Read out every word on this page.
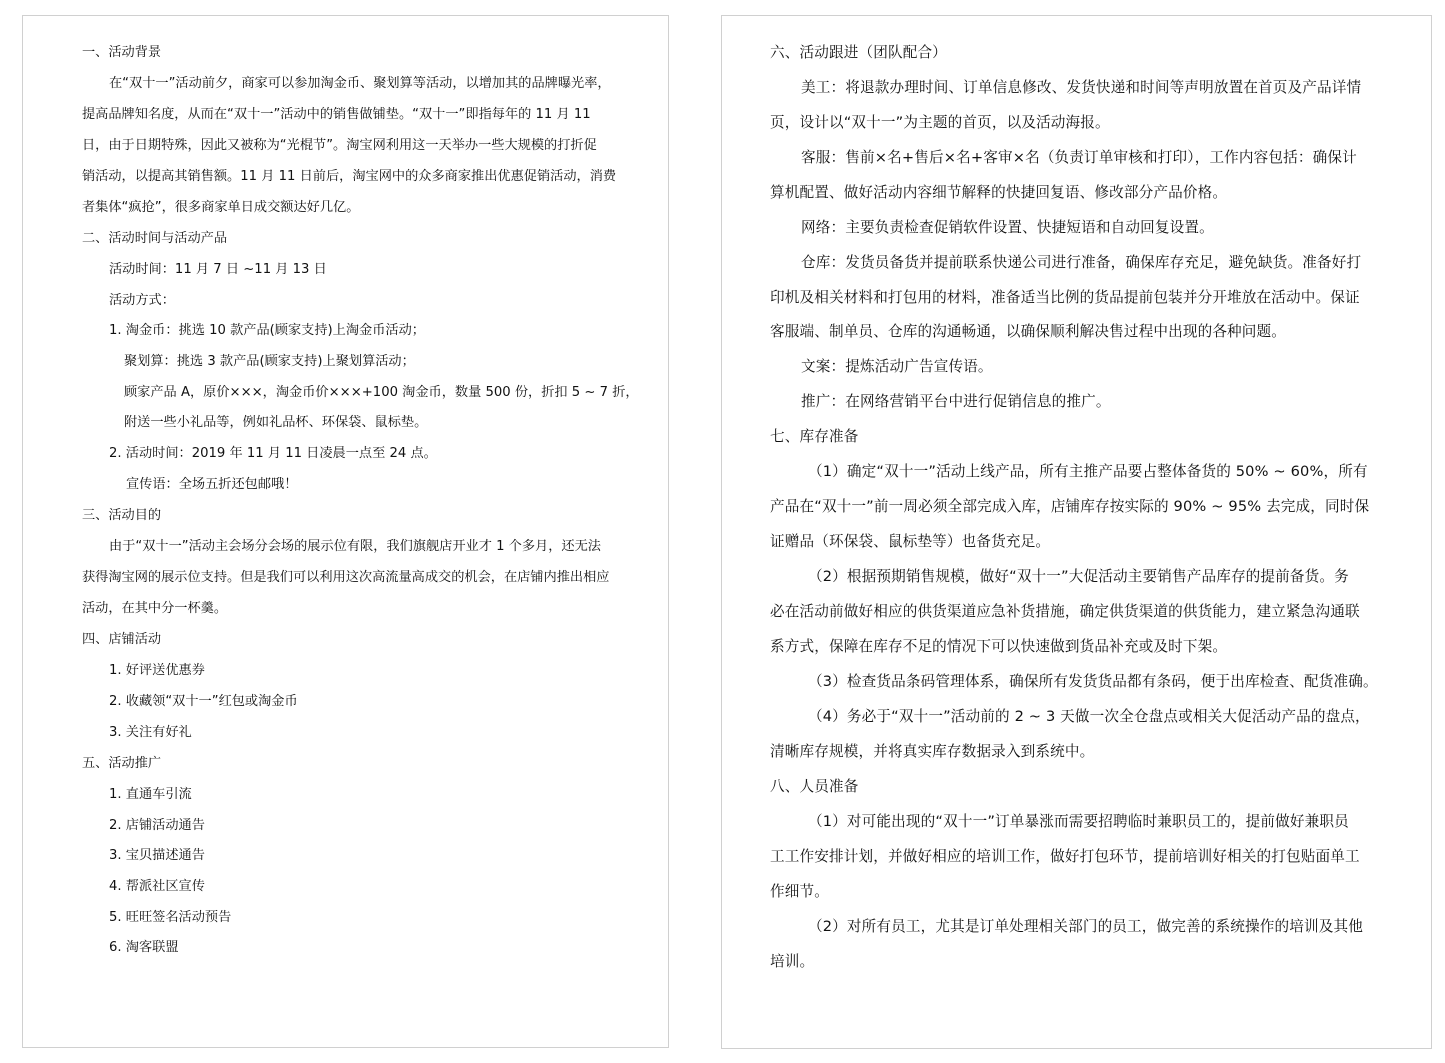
一、活动背景

在“双十一”活动前夕，商家可以参加淘金币、聚划算等活动，以增加其的品牌曝光率，

提高品牌知名度，从而在“双十一”活动中的销售做铺垫。“双十一”即指每年的 11 月 11

日，由于日期特殊，因此又被称为“光棍节”。淘宝网利用这一天举办一些大规模的打折促

销活动，以提高其销售额。11 月 11 日前后，淘宝网中的众多商家推出优惠促销活动，消费

者集体“疯抢”，很多商家单日成交额达好几亿。

二、活动时间与活动产品

活动时间：11 月 7 日 ~11 月 13 日

活动方式：

1. 淘金币：挑选 10 款产品(顾家支持)上淘金币活动；

聚划算：挑选 3 款产品(顾家支持)上聚划算活动；

顾家产品 A，原价×××，淘金币价×××+100 淘金币，数量 500 份，折扣 5 ~ 7 折，

附送一些小礼品等，例如礼品杯、环保袋、鼠标垫。

2. 活动时间：2019 年 11 月 11 日凌晨一点至 24 点。

宣传语：全场五折还包邮哦！

三、活动目的

由于“双十一”活动主会场分会场的展示位有限，我们旗舰店开业才 1 个多月，还无法

获得淘宝网的展示位支持。但是我们可以利用这次高流量高成交的机会，在店铺内推出相应

活动，在其中分一杯羹。

四、店铺活动

1. 好评送优惠券

2. 收藏领“双十一”红包或淘金币

3. 关注有好礼

五、活动推广

1. 直通车引流

2. 店铺活动通告

3. 宝贝描述通告

4. 帮派社区宣传

5. 旺旺签名活动预告

6. 淘客联盟

六、活动跟进（团队配合）

美工：将退款办理时间、订单信息修改、发货快递和时间等声明放置在首页及产品详情

页，设计以“双十一”为主题的首页，以及活动海报。

客服：售前×名+售后×名+客审×名（负责订单审核和打印），工作内容包括：确保计

算机配置、做好活动内容细节解释的快捷回复语、修改部分产品价格。

网络：主要负责检查促销软件设置、快捷短语和自动回复设置。

仓库：发货员备货并提前联系快递公司进行准备，确保库存充足，避免缺货。准备好打

印机及相关材料和打包用的材料，准备适当比例的货品提前包装并分开堆放在活动中。保证

客服端、制单员、仓库的沟通畅通，以确保顺利解决售过程中出现的各种问题。

文案：提炼活动广告宣传语。

推广：在网络营销平台中进行促销信息的推广。

七、库存准备

（1）确定“双十一”活动上线产品，所有主推产品要占整体备货的 50% ~ 60%，所有

产品在“双十一”前一周必须全部完成入库，店铺库存按实际的 90% ~ 95% 去完成，同时保

证赠品（环保袋、鼠标垫等）也备货充足。

（2）根据预期销售规模，做好“双十一”大促活动主要销售产品库存的提前备货。务

必在活动前做好相应的供货渠道应急补货措施，确定供货渠道的供货能力，建立紧急沟通联

系方式，保障在库存不足的情况下可以快速做到货品补充或及时下架。

（3）检查货品条码管理体系，确保所有发货货品都有条码，便于出库检查、配货准确。

（4）务必于“双十一”活动前的 2 ~ 3 天做一次全仓盘点或相关大促活动产品的盘点，

清晰库存规模，并将真实库存数据录入到系统中。

八、人员准备

（1）对可能出现的“双十一”订单暴涨而需要招聘临时兼职员工的，提前做好兼职员

工工作安排计划，并做好相应的培训工作，做好打包环节，提前培训好相关的打包贴面单工

作细节。

（2）对所有员工，尤其是订单处理相关部门的员工，做完善的系统操作的培训及其他

培训。
